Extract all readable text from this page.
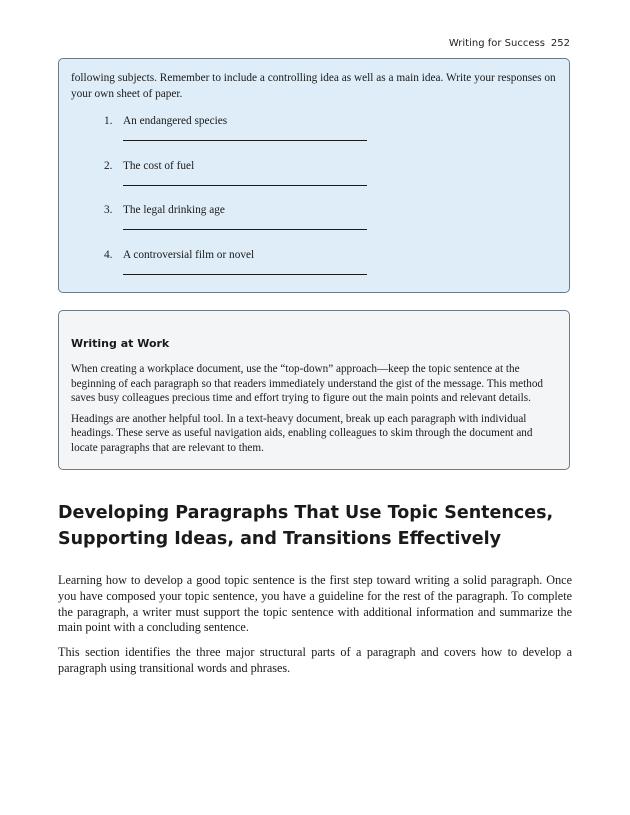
Writing for Success 252

following subjects. Remember to include a controlling idea as well as a main idea. Write your responses on your own sheet of paper.

1. An endangered species
2. The cost of fuel
3. The legal drinking age
4. A controversial film or novel
Writing at Work

When creating a workplace document, use the “top-down” approach—keep the topic sentence at the beginning of each paragraph so that readers immediately understand the gist of the message. This method saves busy colleagues precious time and effort trying to figure out the main points and relevant details.

Headings are another helpful tool. In a text-heavy document, break up each paragraph with individual headings. These serve as useful navigation aids, enabling colleagues to skim through the document and locate paragraphs that are relevant to them.

Developing Paragraphs That Use Topic Sentences, Supporting Ideas, and Transitions Effectively

Learning how to develop a good topic sentence is the first step toward writing a solid paragraph. Once you have composed your topic sentence, you have a guideline for the rest of the paragraph. To complete the paragraph, a writer must support the topic sentence with additional information and summarize the main point with a concluding sentence.

This section identifies the three major structural parts of a paragraph and covers how to develop a paragraph using transitional words and phrases.
